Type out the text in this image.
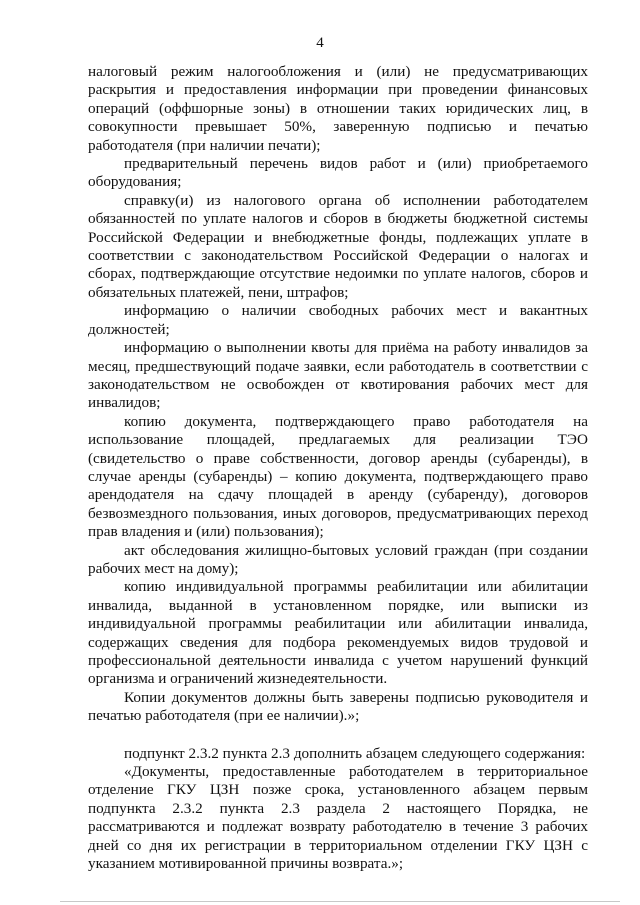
4

налоговый режим налогообложения и (или) не предусматривающих раскрытия и предоставления информации при проведении финансовых операций (оффшорные зоны) в отношении таких юридических лиц, в совокупности превышает 50%, заверенную подписью и печатью работодателя (при наличии печати);

предварительный перечень видов работ и (или) приобретаемого оборудования;

справку(и) из налогового органа об исполнении работодателем обязанностей по уплате налогов и сборов в бюджеты бюджетной системы Российской Федерации и внебюджетные фонды, подлежащих уплате в соответствии с законодательством Российской Федерации о налогах и сборах, подтверждающие отсутствие недоимки по уплате налогов, сборов и обязательных платежей, пени, штрафов;

информацию о наличии свободных рабочих мест и вакантных должностей;

информацию о выполнении квоты для приёма на работу инвалидов за месяц, предшествующий подаче заявки, если работодатель в соответствии с законодательством не освобожден от квотирования рабочих мест для инвалидов;

копию документа, подтверждающего право работодателя на использование площадей, предлагаемых для реализации ТЭО (свидетельство о праве собственности, договор аренды (субаренды), в случае аренды (субаренды) – копию документа, подтверждающего право арендодателя на сдачу площадей в аренду (субаренду), договоров безвозмездного пользования, иных договоров, предусматривающих переход прав владения и (или) пользования);

акт обследования жилищно-бытовых условий граждан (при создании рабочих мест на дому);

копию индивидуальной программы реабилитации или абилитации инвалида, выданной в установленном порядке, или выписки из индивидуальной программы реабилитации или абилитации инвалида, содержащих сведения для подбора рекомендуемых видов трудовой и профессиональной деятельности инвалида с учетом нарушений функций организма и ограничений жизнедеятельности.

Копии документов должны быть заверены подписью руководителя и печатью работодателя (при ее наличии).»;

подпункт 2.3.2 пункта 2.3 дополнить абзацем следующего содержания:

«Документы, предоставленные работодателем в территориальное отделение ГКУ ЦЗН позже срока, установленного абзацем первым подпункта 2.3.2 пункта 2.3 раздела 2 настоящего Порядка, не рассматриваются и подлежат возврату работодателю в течение 3 рабочих дней со дня их регистрации в территориальном отделении ГКУ ЦЗН с указанием мотивированной причины возврата.»;
